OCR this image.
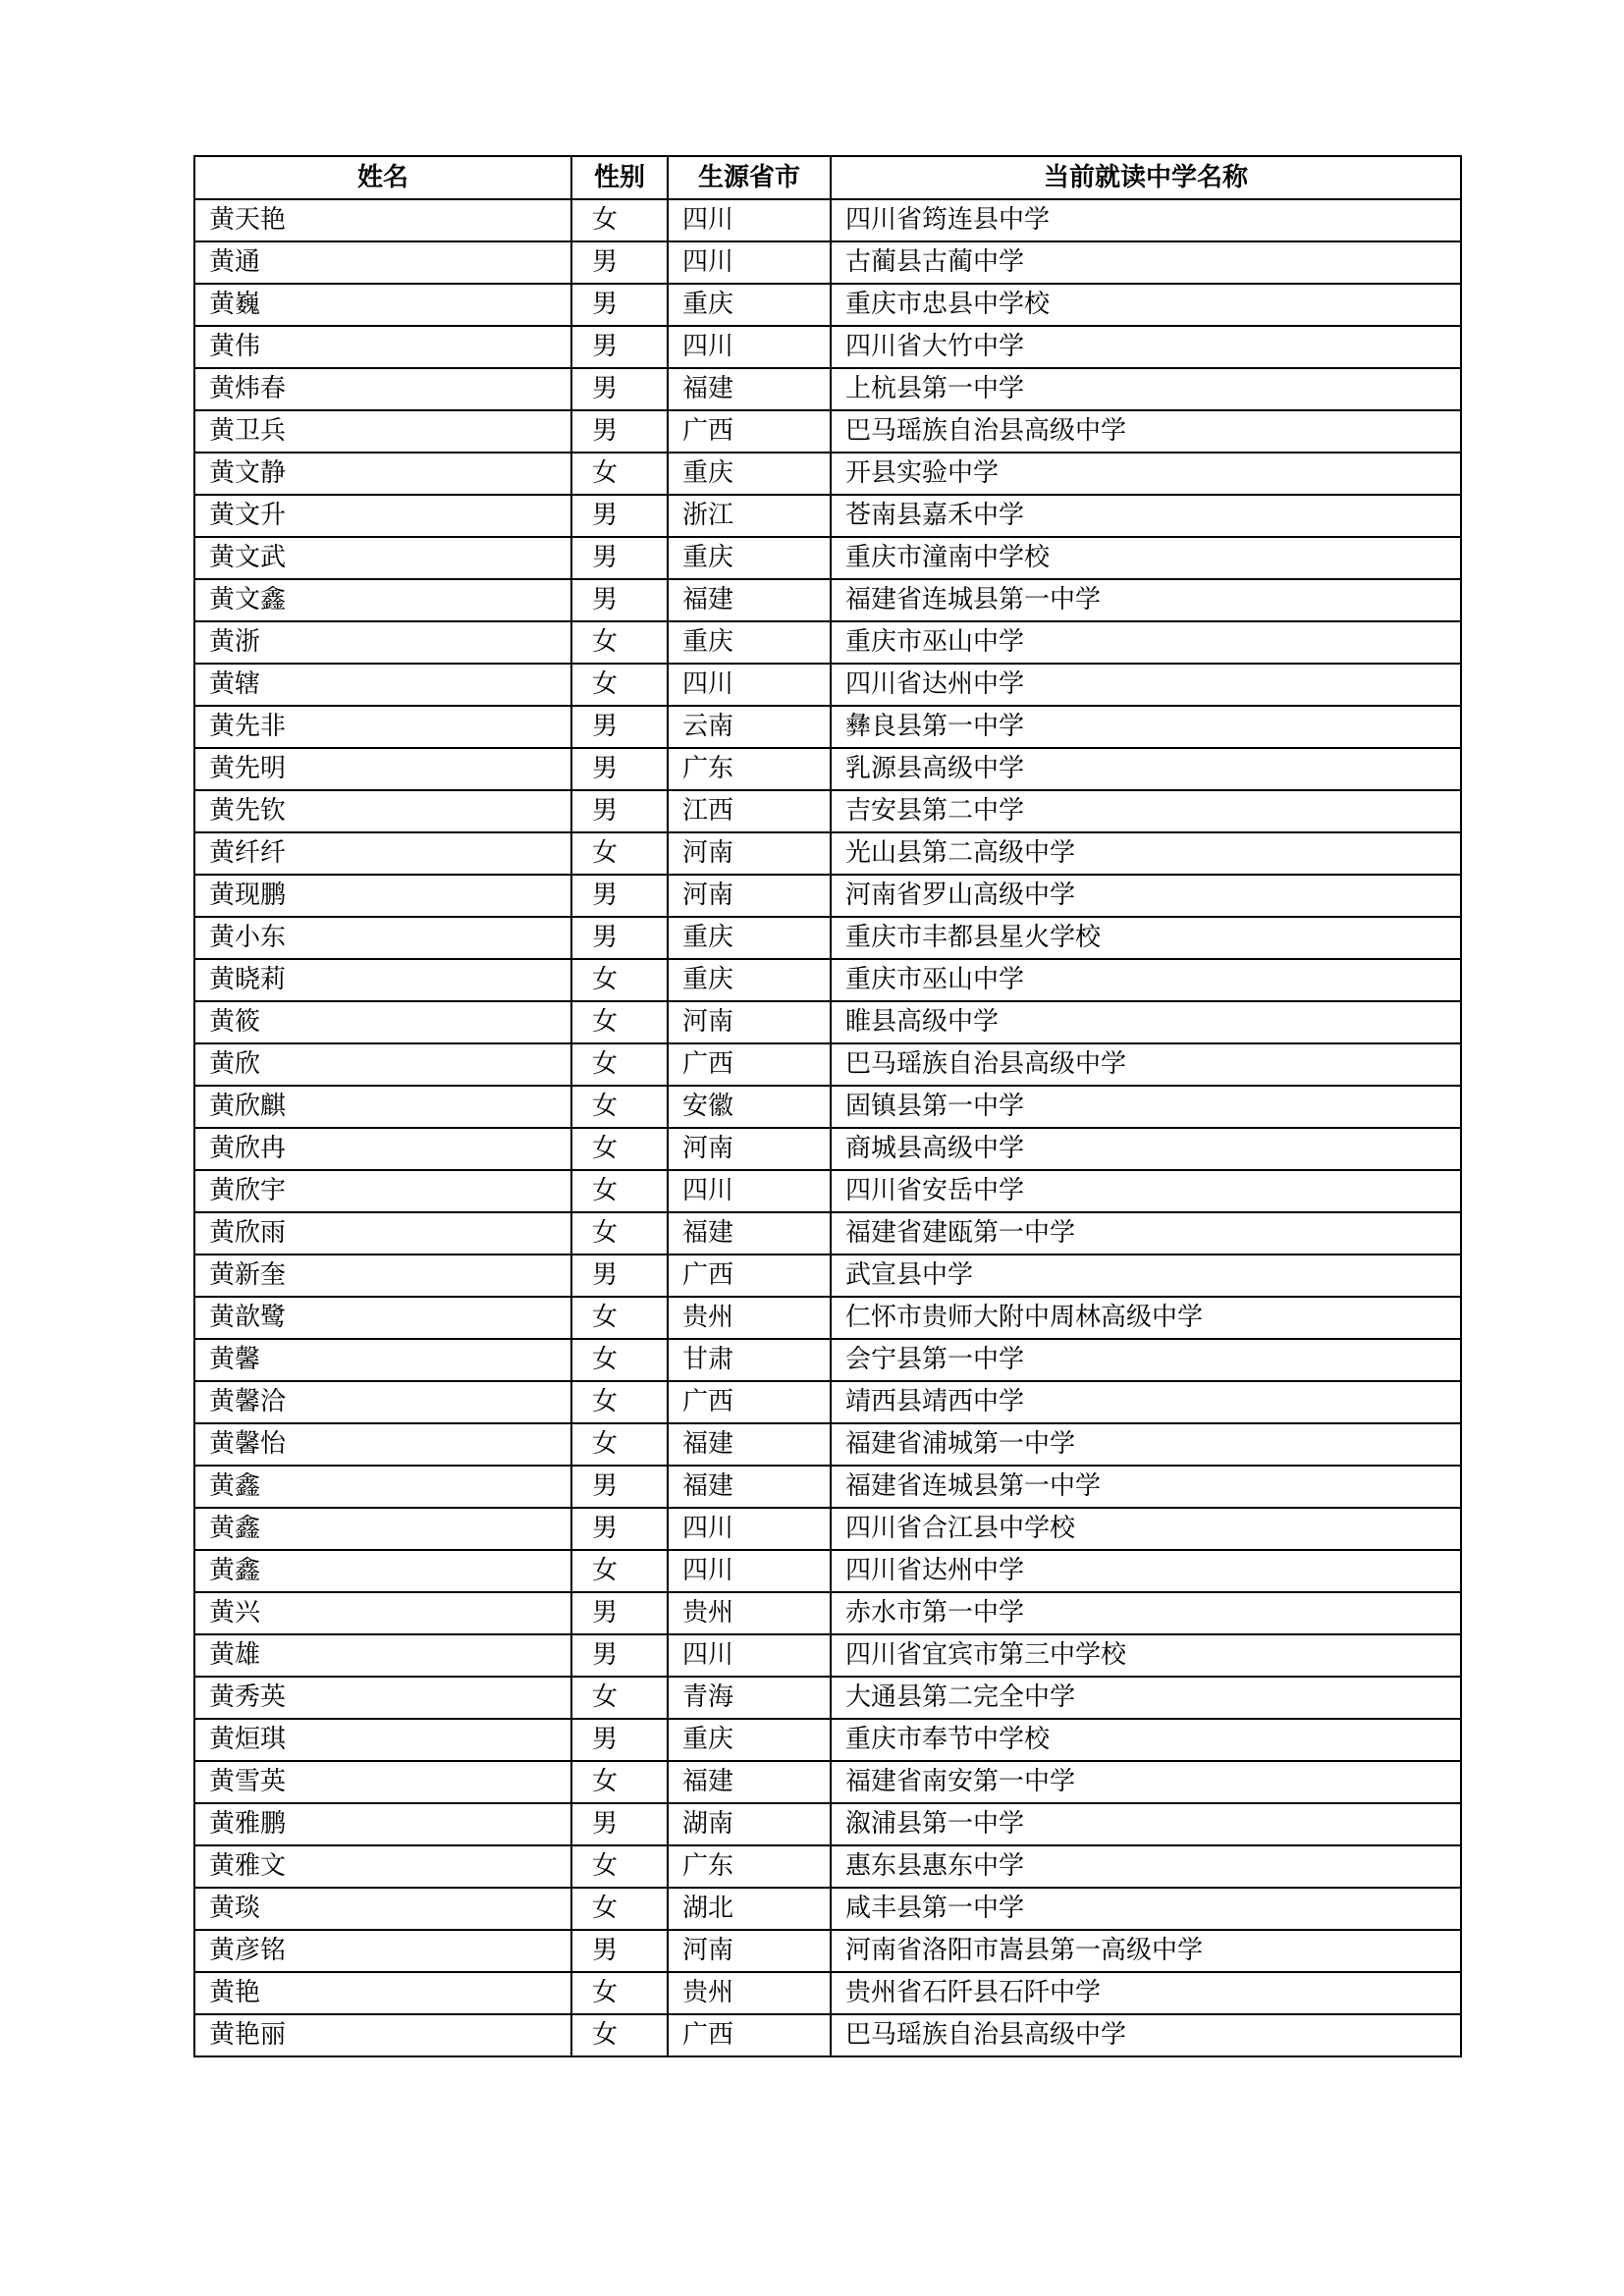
姓名	性别	生源省市	当前就读中学名称
黄天艳	女	四川	四川省筠连县中学
黄通	男	四川	古蔺县古蔺中学
黄巍	男	重庆	重庆市忠县中学校
黄伟	男	四川	四川省大竹中学
黄炜春	男	福建	上杭县第一中学
黄卫兵	男	广西	巴马瑶族自治县高级中学
黄文静	女	重庆	开县实验中学
黄文升	男	浙江	苍南县嘉禾中学
黄文武	男	重庆	重庆市潼南中学校
黄文鑫	男	福建	福建省连城县第一中学
黄浙	女	重庆	重庆市巫山中学
黄辖	女	四川	四川省达州中学
黄先非	男	云南	彝良县第一中学
黄先明	男	广东	乳源县高级中学
黄先钦	男	江西	吉安县第二中学
黄纤纤	女	河南	光山县第二高级中学
黄现鹏	男	河南	河南省罗山高级中学
黄小东	男	重庆	重庆市丰都县星火学校
黄晓莉	女	重庆	重庆市巫山中学
黄筱	女	河南	睢县高级中学
黄欣	女	广西	巴马瑶族自治县高级中学
黄欣麒	女	安徽	固镇县第一中学
黄欣冉	女	河南	商城县高级中学
黄欣宇	女	四川	四川省安岳中学
黄欣雨	女	福建	福建省建瓯第一中学
黄新奎	男	广西	武宣县中学
黄歆鹭	女	贵州	仁怀市贵师大附中周林高级中学
黄馨	女	甘肃	会宁县第一中学
黄馨洽	女	广西	靖西县靖西中学
黄馨怡	女	福建	福建省浦城第一中学
黄鑫	男	福建	福建省连城县第一中学
黄鑫	男	四川	四川省合江县中学校
黄鑫	女	四川	四川省达州中学
黄兴	男	贵州	赤水市第一中学
黄雄	男	四川	四川省宜宾市第三中学校
黄秀英	女	青海	大通县第二完全中学
黄烜琪	男	重庆	重庆市奉节中学校
黄雪英	女	福建	福建省南安第一中学
黄雅鹏	男	湖南	溆浦县第一中学
黄雅文	女	广东	惠东县惠东中学
黄琰	女	湖北	咸丰县第一中学
黄彦铭	男	河南	河南省洛阳市嵩县第一高级中学
黄艳	女	贵州	贵州省石阡县石阡中学
黄艳丽	女	广西	巴马瑶族自治县高级中学
